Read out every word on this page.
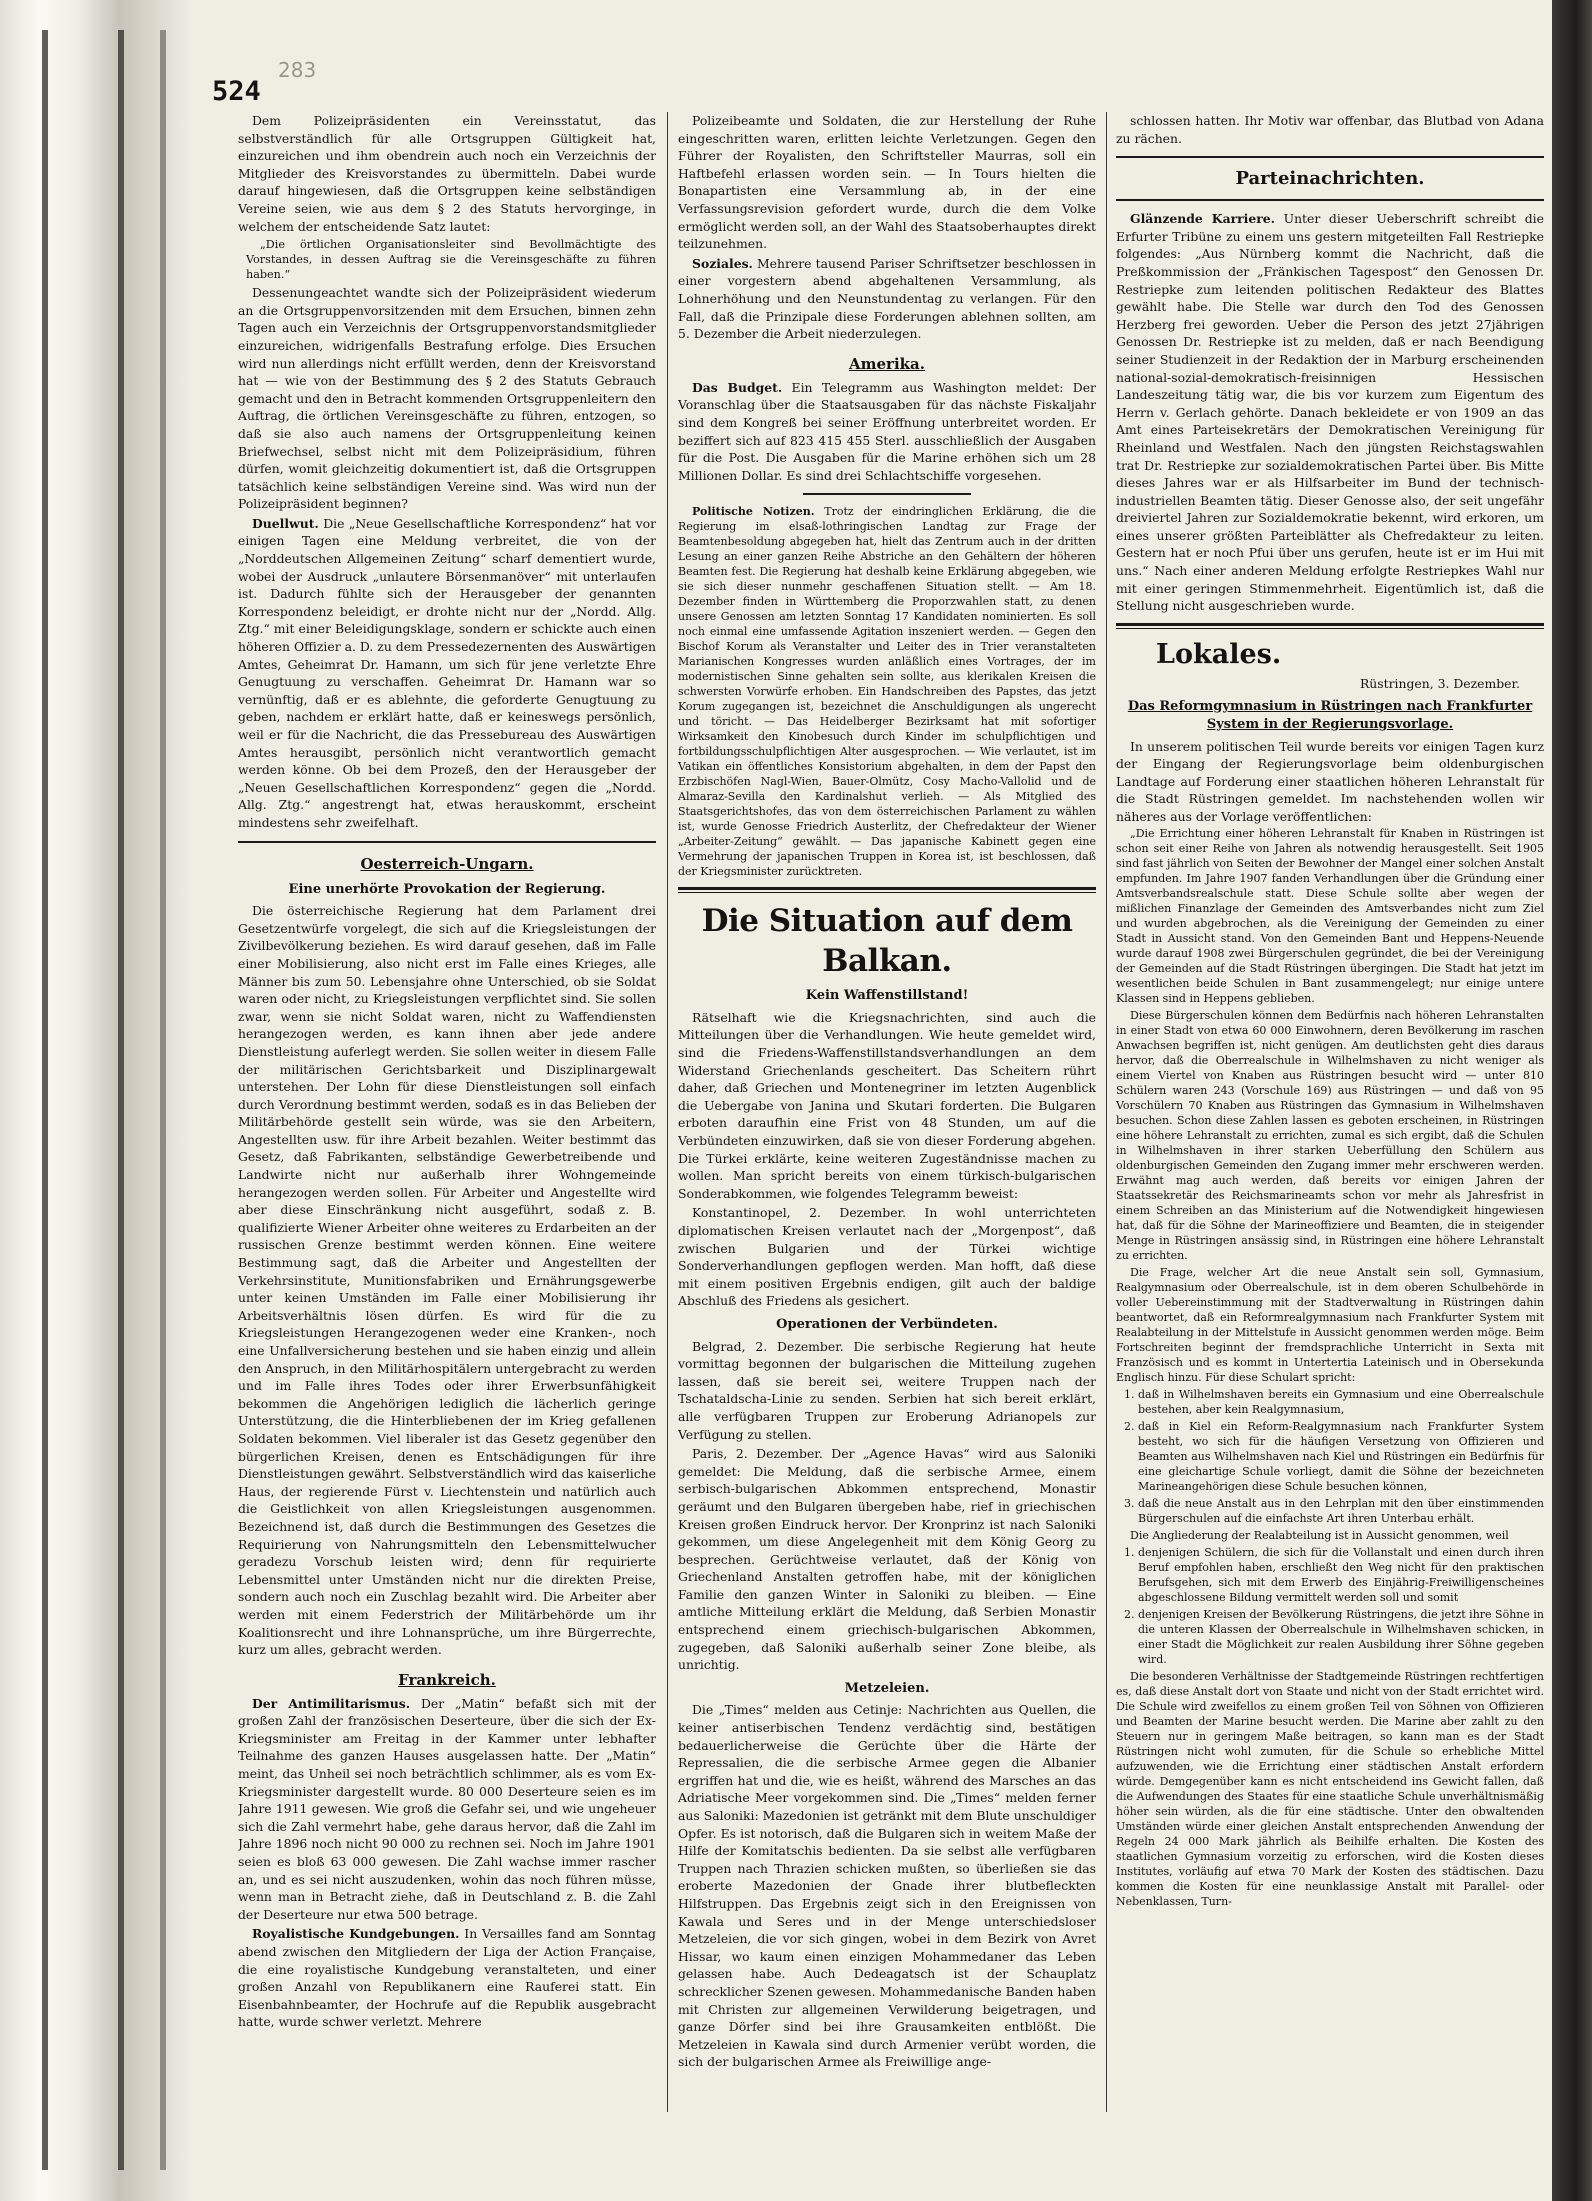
524
283

Dem Polizeipräsidenten ein Vereinsstatut, das selbstverständlich für alle Ortsgruppen Gültigkeit hat, einzureichen und ihm obendrein auch noch ein Verzeichnis der Mitglieder des Kreisvorstandes zu übermitteln. Dabei wurde darauf hingewiesen, daß die Ortsgruppen keine selbständigen Vereine seien, wie aus dem § 2 des Statuts hervorginge, in welchem der entscheidende Satz lautet:

„Die örtlichen Organisationsleiter sind Bevollmächtigte des Vorstandes, in dessen Auftrag sie die Vereinsgeschäfte zu führen haben.“

Dessenungeachtet wandte sich der Polizeipräsident wiederum an die Ortsgruppenvorsitzenden mit dem Ersuchen, binnen zehn Tagen auch ein Verzeichnis der Ortsgruppenvorstandsmitglieder einzureichen, widrigenfalls Bestrafung erfolge. Dies Ersuchen wird nun allerdings nicht erfüllt werden, denn der Kreisvorstand hat — wie von der Bestimmung des § 2 des Statuts Gebrauch gemacht und den in Betracht kommenden Ortsgruppenleitern den Auftrag, die örtlichen Vereinsgeschäfte zu führen, entzogen, so daß sie also auch namens der Ortsgruppenleitung keinen Briefwechsel, selbst nicht mit dem Polizeipräsidium, führen dürfen, womit gleichzeitig dokumentiert ist, daß die Ortsgruppen tatsächlich keine selbständigen Vereine sind. Was wird nun der Polizeipräsident beginnen?

Duellwut. Die „Neue Gesellschaftliche Korrespondenz“ hat vor einigen Tagen eine Meldung verbreitet, die von der „Norddeutschen Allgemeinen Zeitung“ scharf dementiert wurde, wobei der Ausdruck „unlautere Börsenmanöver“ mit unterlaufen ist. Dadurch fühlte sich der Herausgeber der genannten Korrespondenz beleidigt, er drohte nicht nur der „Nordd. Allg. Ztg.“ mit einer Beleidigungsklage, sondern er schickte auch einen höheren Offizier a. D. zu dem Pressedezernenten des Auswärtigen Amtes, Geheimrat Dr. Hamann, um sich für jene verletzte Ehre Genugtuung zu verschaffen. Geheimrat Dr. Hamann war so vernünftig, daß er es ablehnte, die geforderte Genugtuung zu geben, nachdem er erklärt hatte, daß er keineswegs persönlich, weil er für die Nachricht, die das Pressebureau des Auswärtigen Amtes herausgibt, persönlich nicht verantwortlich gemacht werden könne. Ob bei dem Prozeß, den der Herausgeber der „Neuen Gesellschaftlichen Korrespondenz“ gegen die „Nordd. Allg. Ztg.“ angestrengt hat, etwas herauskommt, erscheint mindestens sehr zweifelhaft.

Oesterreich-Ungarn.
Eine unerhörte Provokation der Regierung.

Die österreichische Regierung hat dem Parlament drei Gesetzentwürfe vorgelegt, die sich auf die Kriegsleistungen der Zivilbevölkerung beziehen. Es wird darauf gesehen, daß im Falle einer Mobilisierung, also nicht erst im Falle eines Krieges, alle Männer bis zum 50. Lebensjahre ohne Unterschied, ob sie Soldat waren oder nicht, zu Kriegsleistungen verpflichtet sind. Sie sollen zwar, wenn sie nicht Soldat waren, nicht zu Waffendiensten herangezogen werden, es kann ihnen aber jede andere Dienstleistung auferlegt werden. Sie sollen weiter in diesem Falle der militärischen Gerichtsbarkeit und Disziplinargewalt unterstehen. Der Lohn für diese Dienstleistungen soll einfach durch Verordnung bestimmt werden, sodaß es in das Belieben der Militärbehörde gestellt sein würde, was sie den Arbeitern, Angestellten usw. für ihre Arbeit bezahlen. Weiter bestimmt das Gesetz, daß Fabrikanten, selbständige Gewerbetreibende und Landwirte nicht nur außerhalb ihrer Wohngemeinde herangezogen werden sollen. Für Arbeiter und Angestellte wird aber diese Einschränkung nicht ausgeführt, sodaß z. B. qualifizierte Wiener Arbeiter ohne weiteres zu Erdarbeiten an der russischen Grenze bestimmt werden können. Eine weitere Bestimmung sagt, daß die Arbeiter und Angestellten der Verkehrsinstitute, Munitionsfabriken und Ernährungsgewerbe unter keinen Umständen im Falle einer Mobilisierung ihr Arbeitsverhältnis lösen dürfen. Es wird für die zu Kriegsleistungen Herangezogenen weder eine Kranken-, noch eine Unfallversicherung bestehen und sie haben einzig und allein den Anspruch, in den Militärhospitälern untergebracht zu werden und im Falle ihres Todes oder ihrer Erwerbsunfähigkeit bekommen die Angehörigen lediglich die lächerlich geringe Unterstützung, die die Hinterbliebenen der im Krieg gefallenen Soldaten bekommen. Viel liberaler ist das Gesetz gegenüber den bürgerlichen Kreisen, denen es Entschädigungen für ihre Dienstleistungen gewährt. Selbstverständlich wird das kaiserliche Haus, der regierende Fürst v. Liechtenstein und natürlich auch die Geistlichkeit von allen Kriegsleistungen ausgenommen. Bezeichnend ist, daß durch die Bestimmungen des Gesetzes die Requirierung von Nahrungsmitteln den Lebensmittelwucher geradezu Vorschub leisten wird; denn für requirierte Lebensmittel unter Umständen nicht nur die direkten Preise, sondern auch noch ein Zuschlag bezahlt wird. Die Arbeiter aber werden mit einem Federstrich der Militärbehörde um ihr Koalitionsrecht und ihre Lohnansprüche, um ihre Bürgerrechte, kurz um alles, gebracht werden.

Frankreich.

Der Antimilitarismus. Der „Matin“ befaßt sich mit der großen Zahl der französischen Deserteure, über die sich der Ex-Kriegsminister am Freitag in der Kammer unter lebhafter Teilnahme des ganzen Hauses ausgelassen hatte. Der „Matin“ meint, das Unheil sei noch beträchtlich schlimmer, als es vom Ex-Kriegsminister dargestellt wurde. 80 000 Deserteure seien es im Jahre 1911 gewesen. Wie groß die Gefahr sei, und wie ungeheuer sich die Zahl vermehrt habe, gehe daraus hervor, daß die Zahl im Jahre 1896 noch nicht 90 000 zu rechnen sei. Noch im Jahre 1901 seien es bloß 63 000 gewesen. Die Zahl wachse immer rascher an, und es sei nicht auszudenken, wohin das noch führen müsse, wenn man in Betracht ziehe, daß in Deutschland z. B. die Zahl der Deserteure nur etwa 500 betrage.

Royalistische Kundgebungen. In Versailles fand am Sonntag abend zwischen den Mitgliedern der Liga der Action Française, die eine royalistische Kundgebung veranstalteten, und einer großen Anzahl von Republikanern eine Rauferei statt. Ein Eisenbahnbeamter, der Hochrufe auf die Republik ausgebracht hatte, wurde schwer verletzt. Mehrere

Polizeibeamte und Soldaten, die zur Herstellung der Ruhe eingeschritten waren, erlitten leichte Verletzungen. Gegen den Führer der Royalisten, den Schriftsteller Maurras, soll ein Haftbefehl erlassen worden sein. — In Tours hielten die Bonapartisten eine Versammlung ab, in der eine Verfassungsrevision gefordert wurde, durch die dem Volke ermöglicht werden soll, an der Wahl des Staatsoberhauptes direkt teilzunehmen.

Soziales. Mehrere tausend Pariser Schriftsetzer beschlossen in einer vorgestern abend abgehaltenen Versammlung, als Lohnerhöhung und den Neunstundentag zu verlangen. Für den Fall, daß die Prinzipale diese Forderungen ablehnen sollten, am 5. Dezember die Arbeit niederzulegen.

Amerika.

Das Budget. Ein Telegramm aus Washington meldet: Der Voranschlag über die Staatsausgaben für das nächste Fiskaljahr sind dem Kongreß bei seiner Eröffnung unterbreitet worden. Er beziffert sich auf 823 415 455 Sterl. ausschließlich der Ausgaben für die Post. Die Ausgaben für die Marine erhöhen sich um 28 Millionen Dollar. Es sind drei Schlachtschiffe vorgesehen.

Politische Notizen. Trotz der eindringlichen Erklärung, die die Regierung im elsaß-lothringischen Landtag zur Frage der Beamtenbesoldung abgegeben hat, hielt das Zentrum auch in der dritten Lesung an einer ganzen Reihe Abstriche an den Gehältern der höheren Beamten fest. Die Regierung hat deshalb keine Erklärung abgegeben, wie sie sich dieser nunmehr geschaffenen Situation stellt. — Am 18. Dezember finden in Württemberg die Proporzwahlen statt, zu denen unsere Genossen am letzten Sonntag 17 Kandidaten nominierten. Es soll noch einmal eine umfassende Agitation inszeniert werden. — Gegen den Bischof Korum als Veranstalter und Leiter des in Trier veranstalteten Marianischen Kongresses wurden anläßlich eines Vortrages, der im modernistischen Sinne gehalten sein sollte, aus klerikalen Kreisen die schwersten Vorwürfe erhoben. Ein Handschreiben des Papstes, das jetzt Korum zugegangen ist, bezeichnet die Anschuldigungen als ungerecht und töricht. — Das Heidelberger Bezirksamt hat mit sofortiger Wirksamkeit den Kinobesuch durch Kinder im schulpflichtigen und fortbildungsschulpflichtigen Alter ausgesprochen. — Wie verlautet, ist im Vatikan ein öffentliches Konsistorium abgehalten, in dem der Papst den Erzbischöfen Nagl-Wien, Bauer-Olmütz, Cosy Macho-Vallolid und de Almaraz-Sevilla den Kardinalshut verlieh. — Als Mitglied des Staatsgerichtshofes, das von dem österreichischen Parlament zu wählen ist, wurde Genosse Friedrich Austerlitz, der Chefredakteur der Wiener „Arbeiter-Zeitung“ gewählt. — Das japanische Kabinett gegen eine Vermehrung der japanischen Truppen in Korea ist, ist beschlossen, daß der Kriegsminister zurücktreten.

Die Situation auf dem Balkan.
Kein Waffenstillstand!

Rätselhaft wie die Kriegsnachrichten, sind auch die Mitteilungen über die Verhandlungen. Wie heute gemeldet wird, sind die Friedens-Waffenstillstandsverhandlungen an dem Widerstand Griechenlands gescheitert. Das Scheitern rührt daher, daß Griechen und Montenegriner im letzten Augenblick die Uebergabe von Janina und Skutari forderten. Die Bulgaren erboten daraufhin eine Frist von 48 Stunden, um auf die Verbündeten einzuwirken, daß sie von dieser Forderung abgehen. Die Türkei erklärte, keine weiteren Zugeständnisse machen zu wollen. Man spricht bereits von einem türkisch-bulgarischen Sonderabkommen, wie folgendes Telegramm beweist:

Konstantinopel, 2. Dezember. In wohl unterrichteten diplomatischen Kreisen verlautet nach der „Morgenpost“, daß zwischen Bulgarien und der Türkei wichtige Sonderverhandlungen gepflogen werden. Man hofft, daß diese mit einem positiven Ergebnis endigen, gilt auch der baldige Abschluß des Friedens als gesichert.

Operationen der Verbündeten.

Belgrad, 2. Dezember. Die serbische Regierung hat heute vormittag begonnen der bulgarischen die Mitteilung zugehen lassen, daß sie bereit sei, weitere Truppen nach der Tschataldscha-Linie zu senden. Serbien hat sich bereit erklärt, alle verfügbaren Truppen zur Eroberung Adrianopels zur Verfügung zu stellen.

Paris, 2. Dezember. Der „Agence Havas“ wird aus Saloniki gemeldet: Die Meldung, daß die serbische Armee, einem serbisch-bulgarischen Abkommen entsprechend, Monastir geräumt und den Bulgaren übergeben habe, rief in griechischen Kreisen großen Eindruck hervor. Der Kronprinz ist nach Saloniki gekommen, um diese Angelegenheit mit dem König Georg zu besprechen. Gerüchtweise verlautet, daß der König von Griechenland Anstalten getroffen habe, mit der königlichen Familie den ganzen Winter in Saloniki zu bleiben. — Eine amtliche Mitteilung erklärt die Meldung, daß Serbien Monastir entsprechend einem griechisch-bulgarischen Abkommen, zugegeben, daß Saloniki außerhalb seiner Zone bleibe, als unrichtig.

Metzeleien.

Die „Times“ melden aus Cetinje: Nachrichten aus Quellen, die keiner antiserbischen Tendenz verdächtig sind, bestätigen bedauerlicherweise die Gerüchte über die Härte der Repressalien, die die serbische Armee gegen die Albanier ergriffen hat und die, wie es heißt, während des Marsches an das Adriatische Meer vorgekommen sind. Die „Times“ melden ferner aus Saloniki: Mazedonien ist getränkt mit dem Blute unschuldiger Opfer. Es ist notorisch, daß die Bulgaren sich in weitem Maße der Hilfe der Komitatschis bedienten. Da sie selbst alle verfügbaren Truppen nach Thrazien schicken mußten, so überließen sie das eroberte Mazedonien der Gnade ihrer blutbefleckten Hilfstruppen. Das Ergebnis zeigt sich in den Ereignissen von Kawala und Seres und in der Menge unterschiedsloser Metzeleien, die vor sich gingen, wobei in dem Bezirk von Avret Hissar, wo kaum einen einzigen Mohammedaner das Leben gelassen habe. Auch Dedeagatsch ist der Schauplatz schrecklicher Szenen gewesen. Mohammedanische Banden haben mit Christen zur allgemeinen Verwilderung beigetragen, und ganze Dörfer sind bei ihre Grausamkeiten entblößt. Die Metzeleien in Kawala sind durch Armenier verübt worden, die sich der bulgarischen Armee als Freiwillige ange-

schlossen hatten. Ihr Motiv war offenbar, das Blutbad von Adana zu rächen.

Parteinachrichten.

Glänzende Karriere. Unter dieser Ueberschrift schreibt die Erfurter Tribüne zu einem uns gestern mitgeteilten Fall Restriepke folgendes: „Aus Nürnberg kommt die Nachricht, daß die Preßkommission der „Fränkischen Tagespost“ den Genossen Dr. Restriepke zum leitenden politischen Redakteur des Blattes gewählt habe. Die Stelle war durch den Tod des Genossen Herzberg frei geworden. Ueber die Person des jetzt 27jährigen Genossen Dr. Restriepke ist zu melden, daß er nach Beendigung seiner Studienzeit in der Redaktion der in Marburg erscheinenden national-sozial-demokratisch-freisinnigen Hessischen Landeszeitung tätig war, die bis vor kurzem zum Eigentum des Herrn v. Gerlach gehörte. Danach bekleidete er von 1909 an das Amt eines Parteisekretärs der Demokratischen Vereinigung für Rheinland und Westfalen. Nach den jüngsten Reichstagswahlen trat Dr. Restriepke zur sozialdemokratischen Partei über. Bis Mitte dieses Jahres war er als Hilfsarbeiter im Bund der technisch-industriellen Beamten tätig. Dieser Genosse also, der seit ungefähr dreiviertel Jahren zur Sozialdemokratie bekennt, wird erkoren, um eines unserer größten Parteiblätter als Chefredakteur zu leiten. Gestern hat er noch Pfui über uns gerufen, heute ist er im Hui mit uns.“ Nach einer anderen Meldung erfolgte Restriepkes Wahl nur mit einer geringen Stimmenmehrheit. Eigentümlich ist, daß die Stellung nicht ausgeschrieben wurde.

Lokales.
Rüstringen, 3. Dezember.
Das Reformgymnasium in Rüstringen nach Frankfurter System in der Regierungsvorlage.

In unserem politischen Teil wurde bereits vor einigen Tagen kurz der Eingang der Regierungsvorlage beim oldenburgischen Landtage auf Forderung einer staatlichen höheren Lehranstalt für die Stadt Rüstringen gemeldet. Im nachstehenden wollen wir näheres aus der Vorlage veröffentlichen:

„Die Errichtung einer höheren Lehranstalt für Knaben in Rüstringen ist schon seit einer Reihe von Jahren als notwendig herausgestellt. Seit 1905 sind fast jährlich von Seiten der Bewohner der Mangel einer solchen Anstalt empfunden. Im Jahre 1907 fanden Verhandlungen über die Gründung einer Amtsverbandsrealschule statt. Diese Schule sollte aber wegen der mißlichen Finanzlage der Gemeinden des Amtsverbandes nicht zum Ziel und wurden abgebrochen, als die Vereinigung der Gemeinden zu einer Stadt in Aussicht stand. Von den Gemeinden Bant und Heppens-Neuende wurde darauf 1908 zwei Bürgerschulen gegründet, die bei der Vereinigung der Gemeinden auf die Stadt Rüstringen übergingen. Die Stadt hat jetzt im wesentlichen beide Schulen in Bant zusammengelegt; nur einige untere Klassen sind in Heppens geblieben.

Diese Bürgerschulen können dem Bedürfnis nach höheren Lehranstalten in einer Stadt von etwa 60 000 Einwohnern, deren Bevölkerung im raschen Anwachsen begriffen ist, nicht genügen. Am deutlichsten geht dies daraus hervor, daß die Oberrealschule in Wilhelmshaven zu nicht weniger als einem Viertel von Knaben aus Rüstringen besucht wird — unter 810 Schülern waren 243 (Vorschule 169) aus Rüstringen — und daß von 95 Vorschülern 70 Knaben aus Rüstringen das Gymnasium in Wilhelmshaven besuchen. Schon diese Zahlen lassen es geboten erscheinen, in Rüstringen eine höhere Lehranstalt zu errichten, zumal es sich ergibt, daß die Schulen in Wilhelmshaven in ihrer starken Ueberfüllung den Schülern aus oldenburgischen Gemeinden den Zugang immer mehr erschweren werden. Erwähnt mag auch werden, daß bereits vor einigen Jahren der Staatssekretär des Reichsmarineamts schon vor mehr als Jahresfrist in einem Schreiben an das Ministerium auf die Notwendigkeit hingewiesen hat, daß für die Söhne der Marineoffiziere und Beamten, die in steigender Menge in Rüstringen ansässig sind, in Rüstringen eine höhere Lehranstalt zu errichten.

Die Frage, welcher Art die neue Anstalt sein soll, Gymnasium, Realgymnasium oder Oberrealschule, ist in dem oberen Schulbehörde in voller Uebereinstimmung mit der Stadtverwaltung in Rüstringen dahin beantwortet, daß ein Reformrealgymnasium nach Frankfurter System mit Realabteilung in der Mittelstufe in Aussicht genommen werden möge. Beim Fortschreiten beginnt der fremdsprachliche Unterricht in Sexta mit Französisch und es kommt in Untertertia Lateinisch und in Obersekunda Englisch hinzu. Für diese Schulart spricht:

1. daß in Wilhelmshaven bereits ein Gymnasium und eine Oberrealschule bestehen, aber kein Realgymnasium,
2. daß in Kiel ein Reform-Realgymnasium nach Frankfurter System besteht, wo sich für die häufigen Versetzung von Offizieren und Beamten aus Wilhelmshaven nach Kiel und Rüstringen ein Bedürfnis für eine gleichartige Schule vorliegt, damit die Söhne der bezeichneten Marineangehörigen diese Schule besuchen können,
3. daß die neue Anstalt aus in den Lehrplan mit den über einstimmenden Bürgerschulen auf die einfachste Art ihren Unterbau erhält.

Die Angliederung der Realabteilung ist in Aussicht genommen, weil

1. denjenigen Schülern, die sich für die Vollanstalt und einen durch ihren Beruf empfohlen haben, erschließt den Weg nicht für den praktischen Berufsgehen, sich mit dem Erwerb des Einjährig-Freiwilligenscheines abgeschlossene Bildung vermittelt werden soll und somit
2. denjenigen Kreisen der Bevölkerung Rüstringens, die jetzt ihre Söhne in die unteren Klassen der Oberrealschule in Wilhelmshaven schicken, in einer Stadt die Möglichkeit zur realen Ausbildung ihrer Söhne gegeben wird.

Die besonderen Verhältnisse der Stadtgemeinde Rüstringen rechtfertigen es, daß diese Anstalt dort von Staate und nicht von der Stadt errichtet wird. Die Schule wird zweifellos zu einem großen Teil von Söhnen von Offizieren und Beamten der Marine besucht werden. Die Marine aber zahlt zu den Steuern nur in geringem Maße beitragen, so kann man es der Stadt Rüstringen nicht wohl zumuten, für die Schule so erhebliche Mittel aufzuwenden, wie die Errichtung einer städtischen Anstalt erfordern würde. Demgegenüber kann es nicht entscheidend ins Gewicht fallen, daß die Aufwendungen des Staates für eine staatliche Schule unverhältnismäßig höher sein würden, als die für eine städtische. Unter den obwaltenden Umständen würde einer gleichen Anstalt entsprechenden Anwendung der Regeln 24 000 Mark jährlich als Beihilfe erhalten. Die Kosten des staatlichen Gymnasium vorzeitig zu erforschen, wird die Kosten dieses Institutes, vorläufig auf etwa 70 Mark der Kosten des städtischen. Dazu kommen die Kosten für eine neunklassige Anstalt mit Parallel- oder Nebenklassen, Turn-
